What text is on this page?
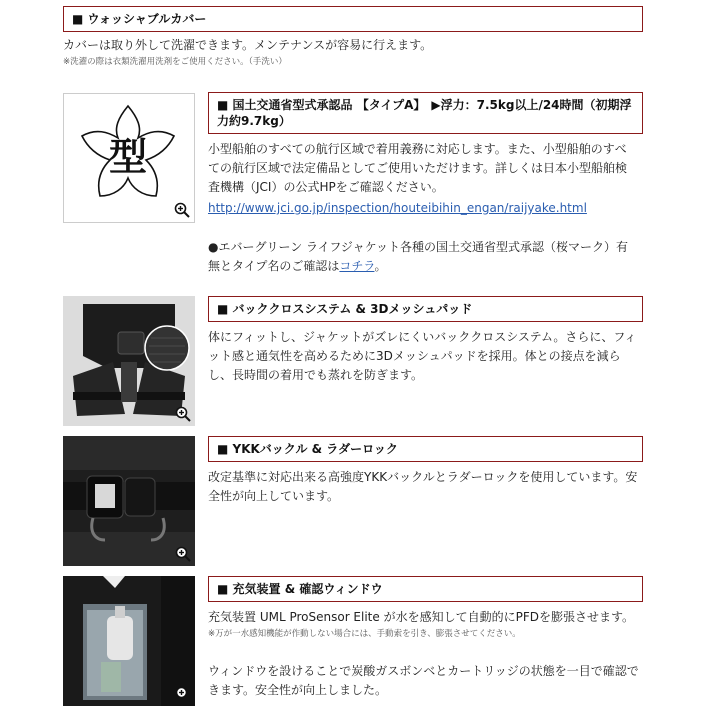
■ ウォッシャブルカバー
カバーは取り外して洗濯できます。メンテナンスが容易に行えます。
※洗濯の際は衣類洗濯用洗剤をご使用ください。（手洗い）
型
■ 国土交通省型式承認品 【タイプA】　▶浮力：7.5kg以上/24時間（初期浮力約9.7kg）
小型船舶のすべての航行区域で着用義務に対応します。また、小型船舶のすべての航行区域で法定備品としてご使用いただけます。詳しくは日本小型船舶検査機構（JCI）の公式HPをご確認ください。
http://www.jci.go.jp/inspection/houteibihin_engan/raijyake.html
●エバーグリーン ライフジャケット各種の国土交通省型式承認（桜マーク）有無とタイプ名のご確認はコチラ。
■ バッククロスシステム & 3Dメッシュパッド
体にフィットし、ジャケットがズレにくいバッククロスシステム。さらに、フィット感と通気性を高めるために3Dメッシュパッドを採用。体との接点を減らし、長時間の着用でも蒸れを防ぎます。
■ YKKバックル & ラダーロック
改定基準に対応出来る高強度YKKバックルとラダーロックを使用しています。安全性が向上しています。
■ 充気装置 & 確認ウィンドウ
充気装置 UML ProSensor Elite が水を感知して自動的にPFDを膨張させます。
※万が一水感知機能が作動しない場合には、手動索を引き、膨張させてください。
ウィンドウを設けることで炭酸ガスボンベとカートリッジの状態を一目で確認できます。安全性が向上しました。
